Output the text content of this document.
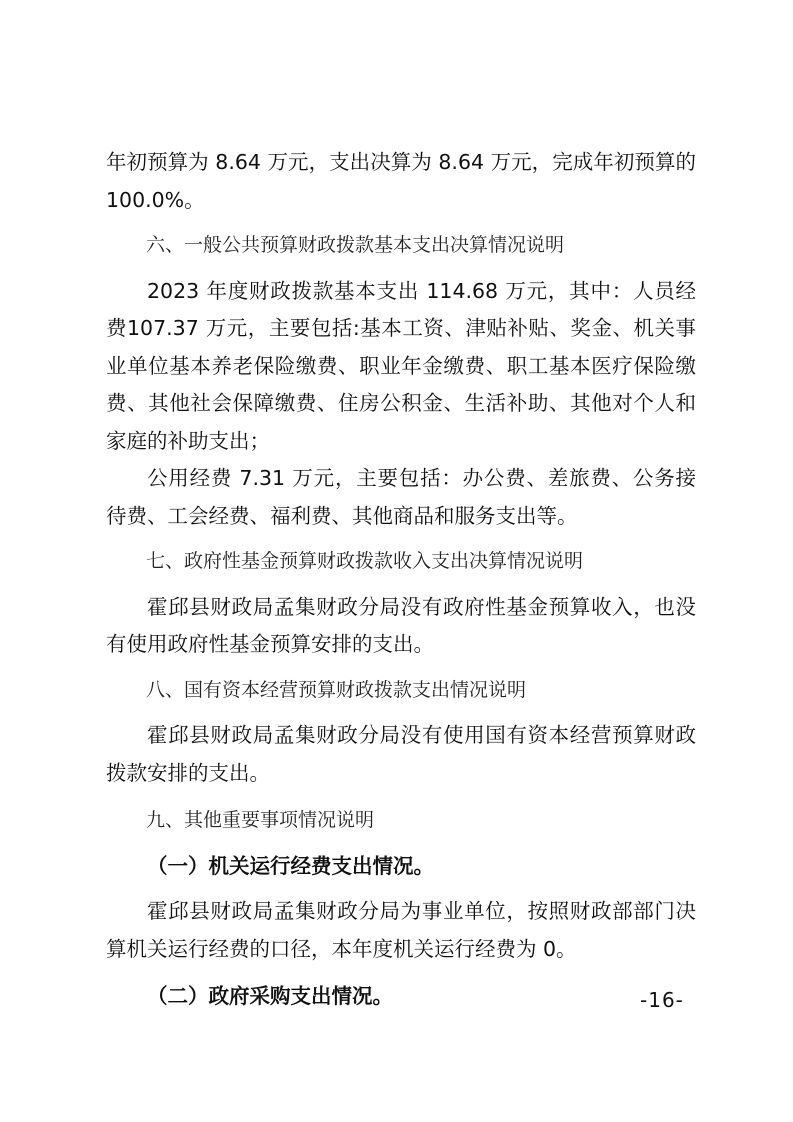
年初预算为 8.64 万元，支出决算为 8.64 万元，完成年初预算的100.0%。

六、一般公共预算财政拨款基本支出决算情况说明

2023 年度财政拨款基本支出 114.68 万元，其中：人员经费107.37 万元，主要包括:基本工资、津贴补贴、奖金、机关事业单位基本养老保险缴费、职业年金缴费、职工基本医疗保险缴费、其他社会保障缴费、住房公积金、生活补助、其他对个人和家庭的补助支出；

公用经费 7.31 万元，主要包括：办公费、差旅费、公务接待费、工会经费、福利费、其他商品和服务支出等。

七、政府性基金预算财政拨款收入支出决算情况说明

霍邱县财政局孟集财政分局没有政府性基金预算收入，也没有使用政府性基金预算安排的支出。

八、国有资本经营预算财政拨款支出情况说明

霍邱县财政局孟集财政分局没有使用国有资本经营预算财政拨款安排的支出。

九、其他重要事项情况说明

（一）机关运行经费支出情况。

霍邱县财政局孟集财政分局为事业单位，按照财政部部门决算机关运行经费的口径，本年度机关运行经费为 0。

（二）政府采购支出情况。	-16-
